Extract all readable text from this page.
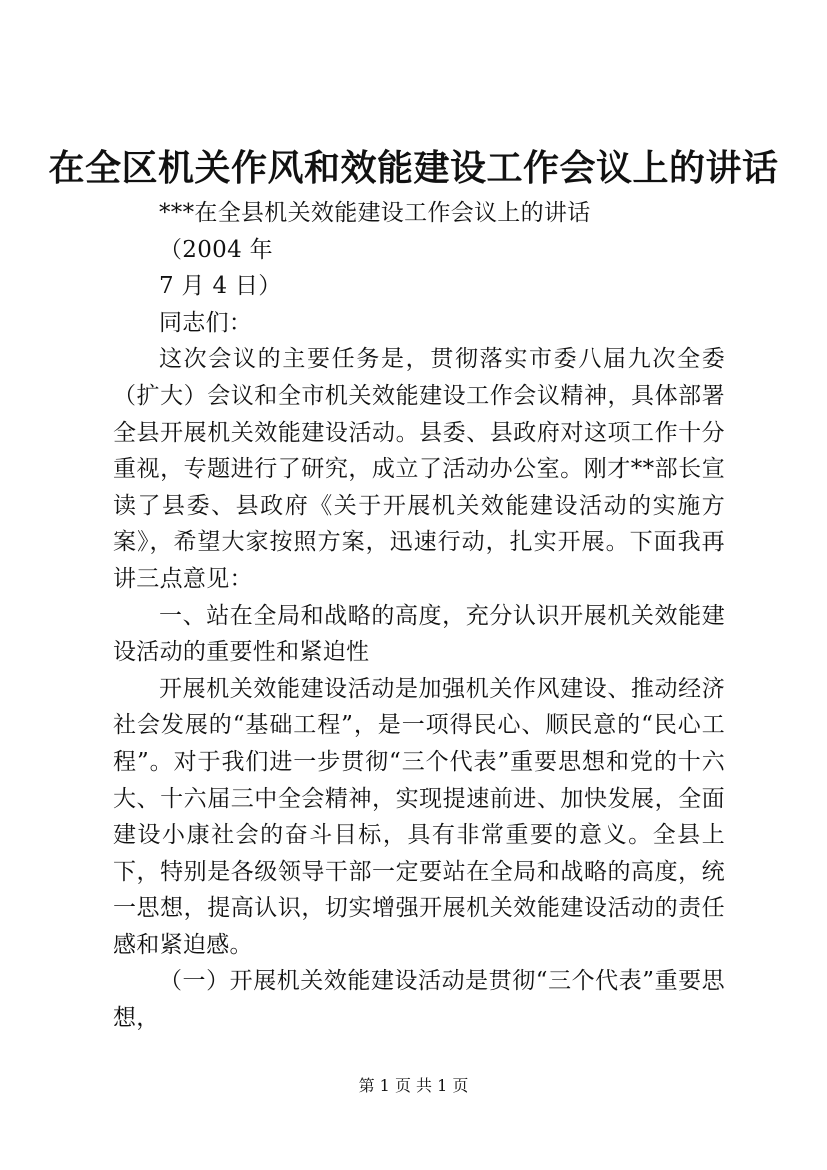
在全区机关作风和效能建设工作会议上的讲话

***在全县机关效能建设工作会议上的讲话

（2004 年

7 月 4 日）

同志们：

这次会议的主要任务是，贯彻落实市委八届九次全委（扩大）会议和全市机关效能建设工作会议精神，具体部署全县开展机关效能建设活动。县委、县政府对这项工作十分重视，专题进行了研究，成立了活动办公室。刚才**部长宣读了县委、县政府《关于开展机关效能建设活动的实施方案》，希望大家按照方案，迅速行动，扎实开展。下面我再讲三点意见：

一、站在全局和战略的高度，充分认识开展机关效能建设活动的重要性和紧迫性

开展机关效能建设活动是加强机关作风建设、推动经济社会发展的“基础工程”，是一项得民心、顺民意的“民心工程”。对于我们进一步贯彻“三个代表”重要思想和党的十六大、十六届三中全会精神，实现提速前进、加快发展，全面建设小康社会的奋斗目标，具有非常重要的意义。全县上下，特别是各级领导干部一定要站在全局和战略的高度，统一思想，提高认识，切实增强开展机关效能建设活动的责任感和紧迫感。

（一）开展机关效能建设活动是贯彻“三个代表”重要思想，

第 1 页 共 1 页
